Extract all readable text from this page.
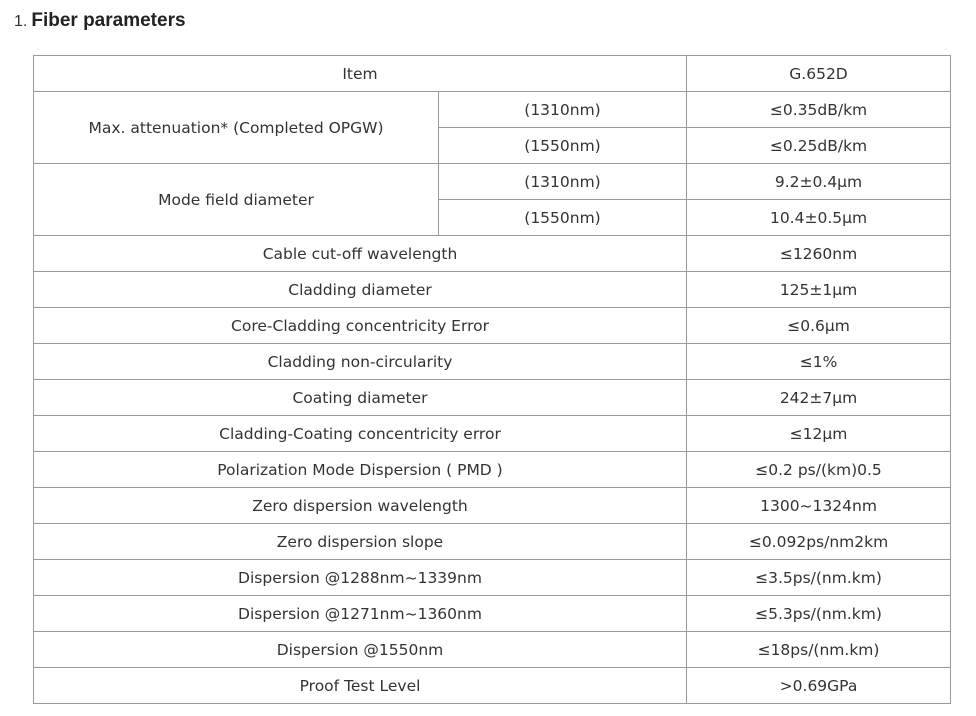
1. Fiber parameters
Item		G.652D
Max. attenuation* (Completed OPGW)	(1310nm)	≤0.35dB/km
	(1550nm)	≤0.25dB/km
Mode field diameter	(1310nm)	9.2±0.4μm
	(1550nm)	10.4±0.5μm
Cable cut-off wavelength		≤1260nm
Cladding diameter		125±1μm
Core-Cladding concentricity Error		≤0.6μm
Cladding non-circularity		≤1%
Coating diameter		242±7μm
Cladding-Coating concentricity error		≤12μm
Polarization Mode Dispersion ( PMD )		≤0.2 ps/(km)0.5
Zero dispersion wavelength		1300~1324nm
Zero dispersion slope		≤0.092ps/nm2km
Dispersion @1288nm~1339nm		≤3.5ps/(nm.km)
Dispersion @1271nm~1360nm		≤5.3ps/(nm.km)
Dispersion @1550nm		≤18ps/(nm.km)
Proof Test Level		>0.69GPa
